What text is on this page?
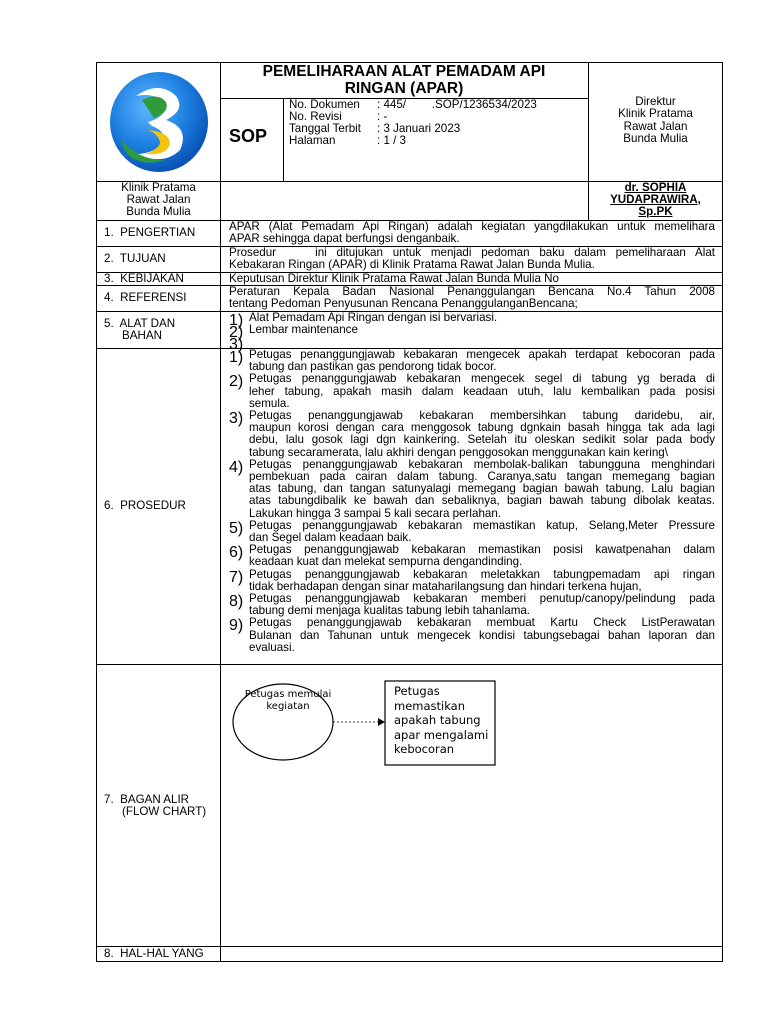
PEMELIHARAAN ALAT PEMADAM API
RINGAN (APAR)
SOP
No. Dokumen : 445/        .SOP/1236534/2023
No. Revisi	: -
Tanggal Terbit : 3 Januari 2023
Halaman	: 1 / 3
Direktur
Klinik Pratama
Rawat Jalan
Bunda Mulia
Klinik Pratama
Rawat Jalan
Bunda Mulia
dr. SOPHIA
YUDAPRAWIRA,
Sp.PK
1.  PENGERTIAN
2.  TUJUAN
3.  KEBIJAKAN
4.  REFERENSI
5.  ALAT DAN
BAHAN
6.  PROSEDUR
7.  BAGAN ALIR
(FLOW CHART)
8.  HAL-HAL YANG
APAR (Alat Pemadam Api Ringan) adalah kegiatan yangdilakukan untuk memelihara
APAR sehingga dapat berfungsi denganbaik.
Prosedur    ini ditujukan untuk menjadi pedoman baku dalam pemeliharaan Alat
Kebakaran Ringan (APAR) di Klinik Pratama Rawat Jalan Bunda Mulia.
Keputusan Direktur Klinik Pratama Rawat Jalan Bunda Mulia No
Peraturan Kepala Badan Nasional Penanggulangan Bencana No.4 Tahun 2008
tentang Pedoman Penyusunan Rencana PenanggulanganBencana;
1) Alat Pemadam Api Ringan dengan isi bervariasi.
2) Lembar maintenance
3)
1) Petugas penanggungjawab kebakaran mengecek apakah terdapat kebocoran pada
tabung dan pastikan gas pendorong tidak bocor.
2) Petugas penanggungjawab kebakaran mengecek segel di tabung yg berada di
leher tabung, apakah masih dalam keadaan utuh, lalu kembalikan pada posisi
semula.
3) Petugas penanggungjawab kebakaran membersihkan tabung daridebu, air,
maupun korosi dengan cara menggosok tabung dgnkain basah hingga tak ada lagi
debu, lalu gosok lagi dgn kainkering. Setelah itu oleskan sedikit solar pada body
tabung secaramerata, lalu akhiri dengan penggosokan menggunakan kain kering\
4) Petugas penanggungjawab kebakaran membolak-balikan tabungguna menghindari
pembekuan pada cairan dalam tabung. Caranya,satu tangan memegang bagian
atas tabung, dan tangan satunyalagi memegang bagian bawah tabung. Lalu bagian
atas tabungdibalik ke bawah dan sebaliknya, bagian bawah tabung dibolak keatas.
Lakukan hingga 3 sampai 5 kali secara perlahan.
5) Petugas penanggungjawab kebakaran memastikan katup, Selang,Meter Pressure
dan Segel dalam keadaan baik.
6) Petugas penanggungjawab kebakaran memastikan posisi kawatpenahan dalam
keadaan kuat dan melekat sempurna dengandinding.
7) Petugas penanggungjawab kebakaran meletakkan tabungpemadam api ringan
tidak berhadapan dengan sinar mataharilangsung dan hindari terkena hujan,
8) Petugas penanggungjawab kebakaran memberi penutup/canopy/pelindung pada
tabung demi menjaga kualitas tabung lebih tahanlama.
9) Petugas penanggungjawab kebakaran membuat Kartu Check ListPerawatan
Bulanan dan Tahunan untuk mengecek kondisi tabungsebagai bahan laporan dan
evaluasi.
Petugas memulai
kegiatan
Petugas
memastikan
apakah tabung
apar mengalami
kebocoran
